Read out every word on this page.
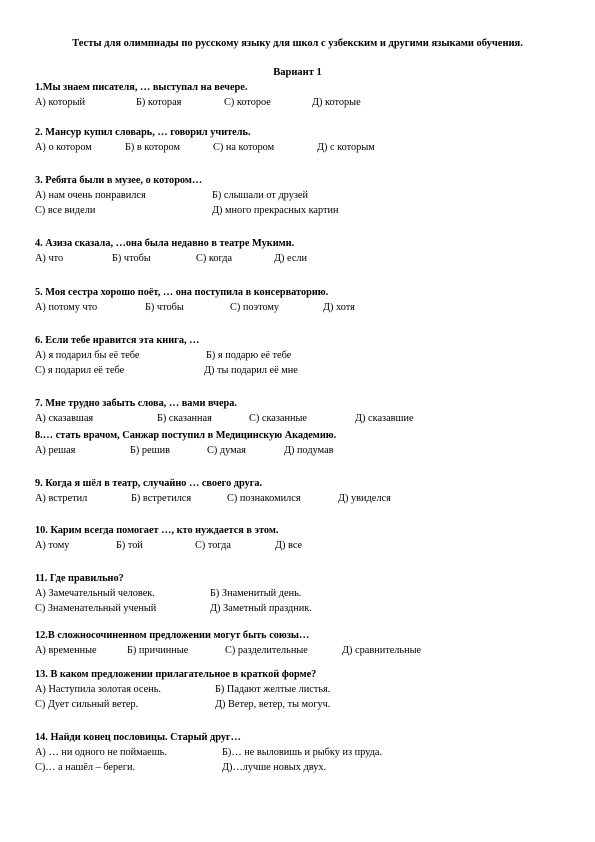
Тесты для олимпиады по русскому языку для школ с узбекским и другими языками обучения.
Вариант 1
1.Мы знаем писателя, … выступал на вечере.
А) который	Б) которая	С) которое	Д) которые
2. Мансур купил словарь, … говорил учитель.
А) о котором	Б) в котором	С) на котором	Д) с которым
3. Ребята были в музее, о котором…
А) нам очень понравился	Б) слышали от друзей
С) все видели	Д) много прекрасных картин
4. Азиза сказала, …она была недавно в театре Мукими.
А) что	Б) чтобы	С) когда	Д) если
5. Моя сестра хорошо поёт, … она поступила в консерваторию.
А) потому что	Б) чтобы	С) поэтому	Д) хотя
6. Если тебе нравится эта книга, …
А) я подарил бы её тебе	Б) я подарю её тебе
С) я подарил её тебе	Д) ты подарил её мне
7. Мне трудно забыть слова, … вами вчера.
А) сказавшая	Б) сказанная	С) сказанные	Д) сказавшие
8.… стать врачом, Санжар поступил в Медицинскую Академию.
А) решая	Б) решив	С) думая	Д) подумав
9. Когда я шёл в театр, случайно … своего друга.
А) встретил	Б) встретился	С) познакомился	Д) увиделся
10. Карим всегда помогает …, кто нуждается в этом.
А) тому	Б) той	С) тогда	Д) все
11. Где правильно?
А) Замечательный человек.	Б) Знаменитый день.
С) Знаменательный ученый	Д) Заметный праздник.
12.В сложносочиненном предложении могут быть союзы…
А) временные	Б) причинные	С) разделительные	Д) сравнительные
13. В каком предложении прилагательное в краткой форме?
А) Наступила золотая осень.	Б) Падают желтые листья.
С) Дует сильный ветер.	Д) Ветер, ветер, ты могуч.
14. Найди конец пословицы. Старый друг…
А) … ни одного не поймаешь.	Б)… не выловишь и рыбку из пруда.
С)… а нашёл – береги.	Д)…лучше новых двух.
